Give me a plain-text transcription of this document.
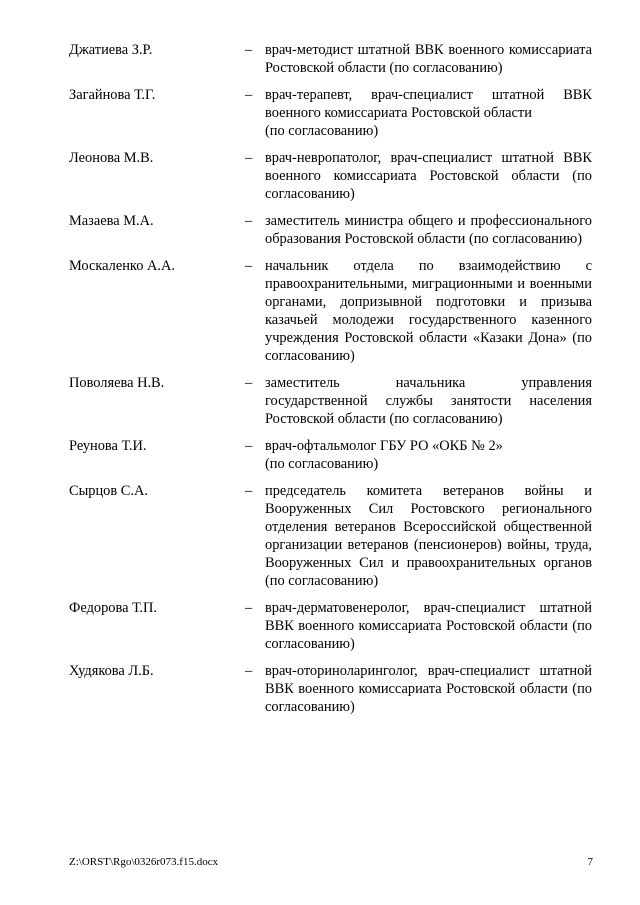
Джатиева З.Р.	– врач-методист штатной ВВК военного комиссариата Ростовской области (по согласованию)
Загайнова Т.Г.	– врач-терапевт, врач-специалист штатной ВВК военного комиссариата Ростовской области
(по согласованию)
Леонова М.В.	– врач-невропатолог, врач-специалист штатной ВВК военного комиссариата Ростовской области (по согласованию)
Мазаева М.А.	– заместитель министра общего и профессионального образования Ростовской области (по согласованию)
Москаленко А.А.	– начальник отдела по взаимодействию с правоохранительными, миграционными и военными органами, допризывной подготовки и призыва казачьей молодежи государственного казенного учреждения Ростовской области «Казаки Дона» (по согласованию)
Поволяева Н.В.	– заместитель начальника управления государственной службы занятости населения Ростовской области (по согласованию)
Реунова Т.И.	– врач-офтальмолог ГБУ РО «ОКБ № 2»
(по согласованию)
Сырцов С.А.	– председатель комитета ветеранов войны и Вооруженных Сил Ростовского регионального отделения ветеранов Всероссийской общественной организации ветеранов (пенсионеров) войны, труда, Вооруженных Сил и правоохранительных органов (по согласованию)
Федорова Т.П.	– врач-дерматовенеролог, врач-специалист штатной ВВК военного комиссариата Ростовской области (по согласованию)
Худякова Л.Б.	– врач-оториноларинголог, врач-специалист штатной ВВК военного комиссариата Ростовской области (по согласованию)
Z:\ORST\Rgo\0326r073.f15.docx	7
